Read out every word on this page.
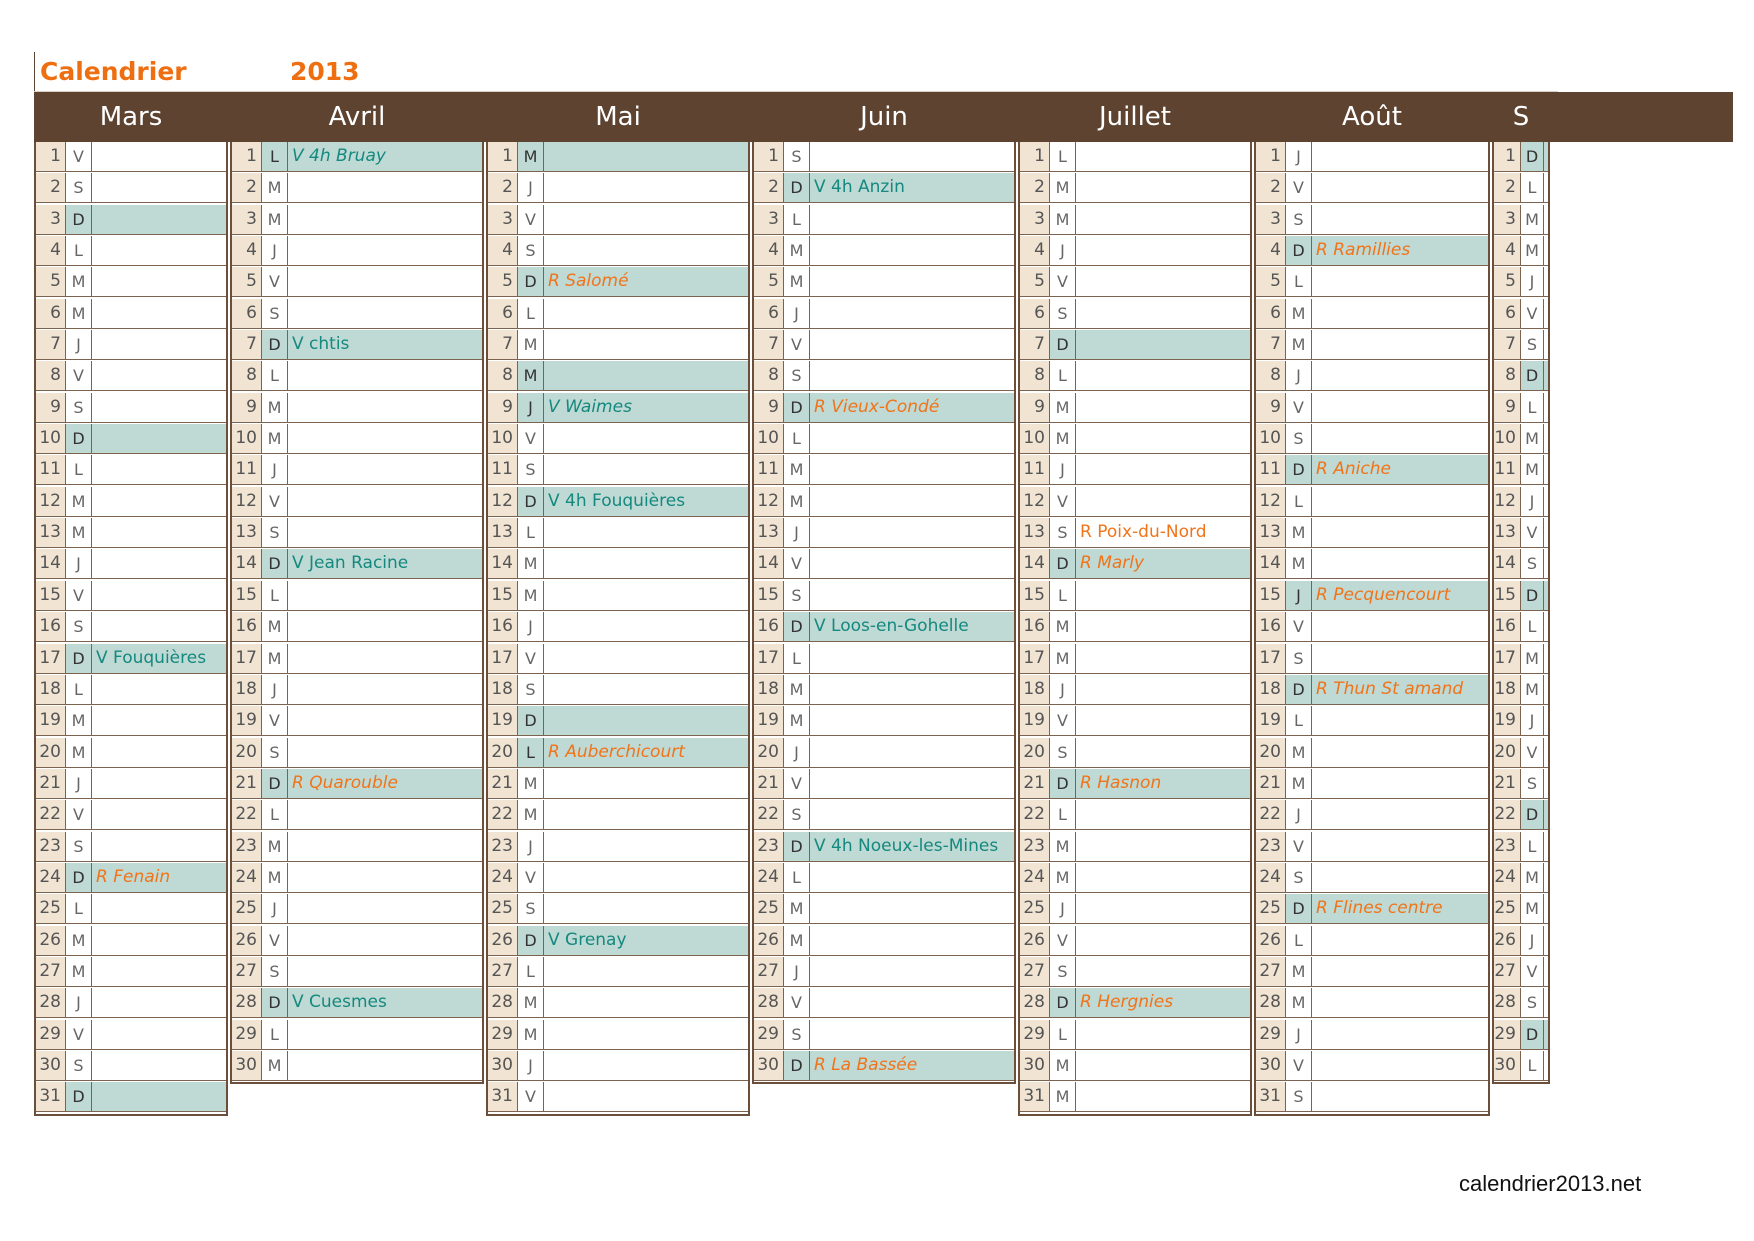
Calendrier	2013
Mars
1 V
2 S
3 D
4 L
5 M
6 M
7 J
8 V
9 S
10 D
11 L
12 M
13 M
14 J
15 V
16 S
17 D V Fouquières
18 L
19 M
20 M
21 J
22 V
23 S
24 D R Fenain
25 L
26 M
27 M
28 J
29 V
30 S
31 D
Avril
1 L V 4h Bruay
2 M
3 M
4 J
5 V
6 S
7 D V chtis
8 L
9 M
10 M
11 J
12 V
13 S
14 D V Jean Racine
15 L
16 M
17 M
18 J
19 V
20 S
21 D R Quarouble
22 L
23 M
24 M
25 J
26 V
27 S
28 D V Cuesmes
29 L
30 M
Mai
1 M
2 J
3 V
4 S
5 D R Salomé
6 L
7 M
8 M
9 J V Waimes
10 V
11 S
12 D V 4h Fouquières
13 L
14 M
15 M
16 J
17 V
18 S
19 D
20 L R Auberchicourt
21 M
22 M
23 J
24 V
25 S
26 D V Grenay
27 L
28 M
29 M
30 J
31 V
Juin
1 S
2 D V 4h Anzin
3 L
4 M
5 M
6 J
7 V
8 S
9 D R Vieux-Condé
10 L
11 M
12 M
13 J
14 V
15 S
16 D V Loos-en-Gohelle
17 L
18 M
19 M
20 J
21 V
22 S
23 D V 4h Noeux-les-Mines
24 L
25 M
26 M
27 J
28 V
29 S
30 D R La Bassée
Juillet
1 L
2 M
3 M
4 J
5 V
6 S
7 D
8 L
9 M
10 M
11 J
12 V
13 S R Poix-du-Nord
14 D R Marly
15 L
16 M
17 M
18 J
19 V
20 S
21 D R Hasnon
22 L
23 M
24 M
25 J
26 V
27 S
28 D R Hergnies
29 L
30 M
31 M
Août
1 J
2 V
3 S
4 D R Ramillies
5 L
6 M
7 M
8 J
9 V
10 S
11 D R Aniche
12 L
13 M
14 M
15 J R Pecquencourt
16 V
17 S
18 D R Thun St amand
19 L
20 M
21 M
22 J
23 V
24 S
25 D R Flines centre
26 L
27 M
28 M
29 J
30 V
31 S
S
1 D
2 L
3 M
4 M
5 J
6 V
7 S
8 D
9 L
10 M
11 M
12 J
13 V
14 S
15 D
16 L
17 M
18 M
19 J
20 V
21 S
22 D
23 L
24 M
25 M
26 J
27 V
28 S
29 D
30 L
calendrier2013.net
